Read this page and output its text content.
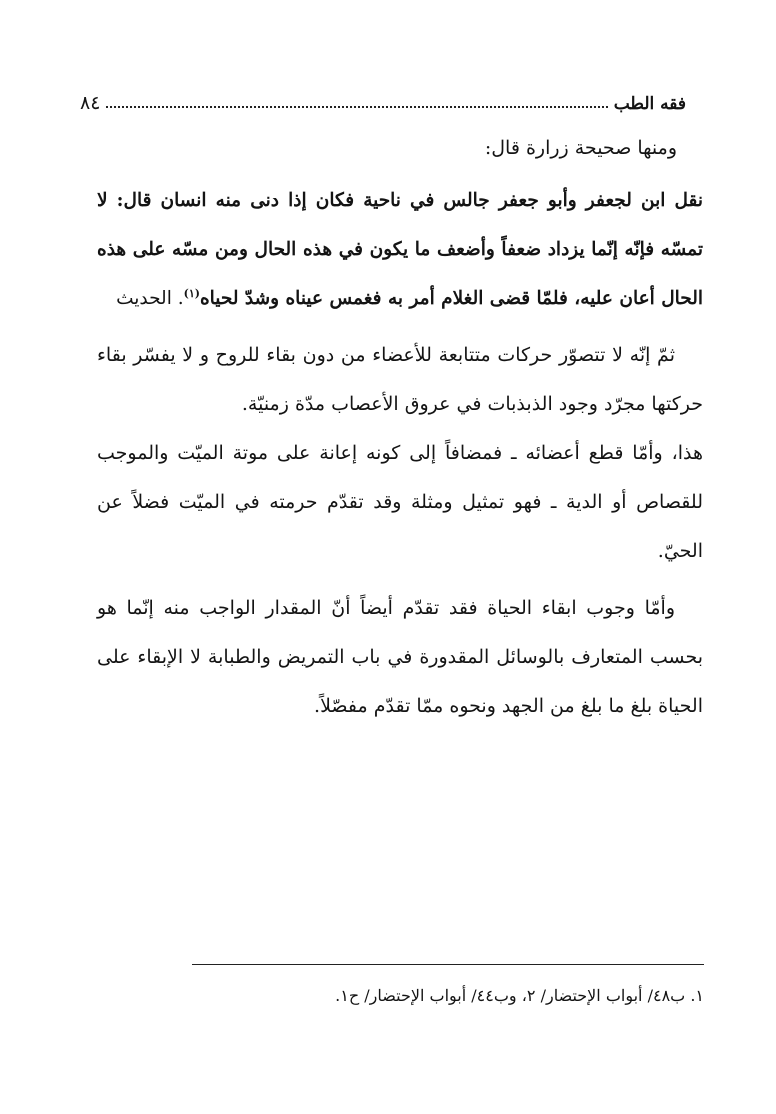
فقه الطب
٨٤

ومنها صحيحة زرارة قال:

نقل ابن لجعفر وأبو جعفر جالس في ناحية فكان إذا دنى منه انسان قال: لا تمسّه فإنّه إنّما يزداد ضعفاً وأضعف ما يكون في هذه الحال ومن مسّه على هذه الحال أعان عليه، فلمّا قضى الغلام أمر به فغمس عيناه وشدّ لحياه$^{(١)}$. الحديث

ثمّ إنّه لا تتصوّر حركات متتابعة للأعضاء من دون بقاء للروح و لا يفسّر بقاء حركتها مجرّد وجود الذبذبات في عروق الأعصاب مدّة زمنيّة.

هذا، وأمّا قطع أعضائه ـ فمضافاً إلى كونه إعانة على موتة الميّت والموجب للقصاص أو الدية ـ فهو تمثيل ومثلة وقد تقدّم حرمته في الميّت فضلاً عن الحيّ.

وأمّا وجوب ابقاء الحياة فقد تقدّم أيضاً أنّ المقدار الواجب منه إنّما هو بحسب المتعارف بالوسائل المقدورة في باب التمريض والطبابة لا الإبقاء على الحياة بلغ ما بلغ من الجهد ونحوه ممّا تقدّم مفصّلاً.

١. ب٤٨/ أبواب الإحتضار/ ٢، وب٤٤/ أبواب الإحتضار/ ح١.
